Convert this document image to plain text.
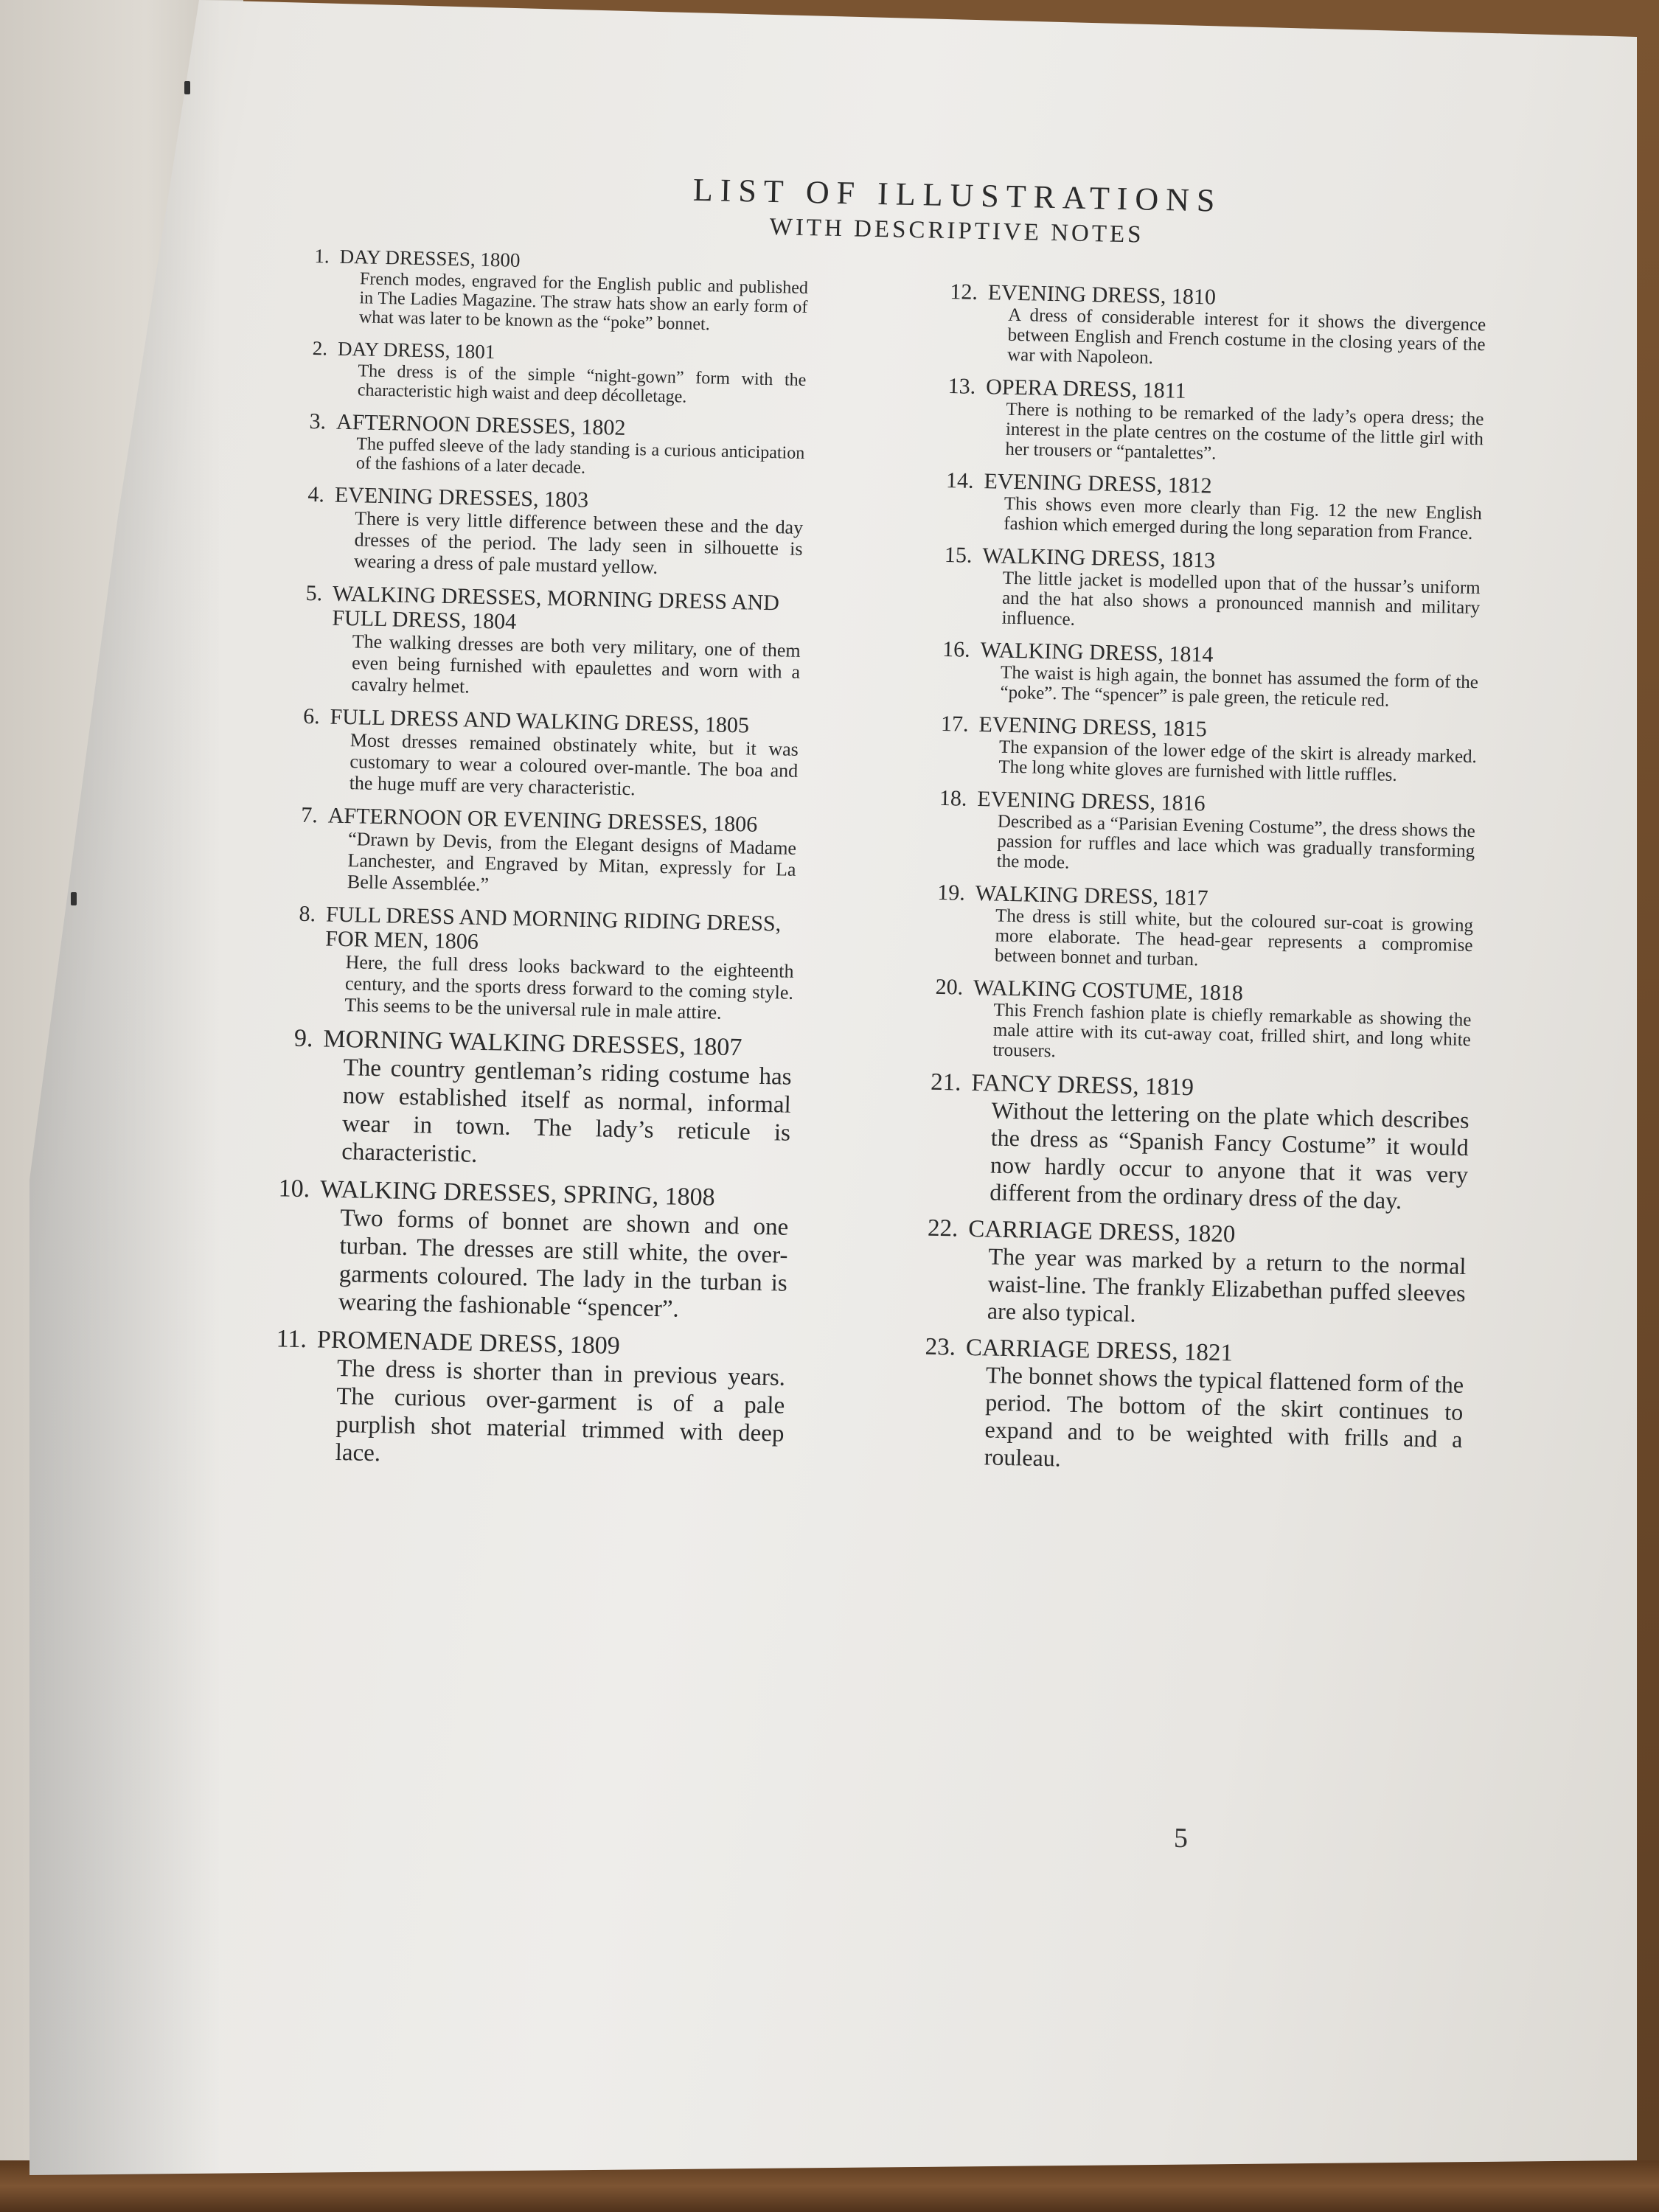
LIST OF ILLUSTRATIONS
WITH DESCRIPTIVE NOTES
1. DAY DRESSES, 1800
French modes, engraved for the English public and published in The Ladies Magazine. The straw hats show an early form of what was later to be known as the “poke” bonnet.
2. DAY DRESS, 1801
The dress is of the simple “night-gown” form with the characteristic high waist and deep décolletage.
3. AFTERNOON DRESSES, 1802
The puffed sleeve of the lady standing is a curious anticipation of the fashions of a later decade.
4. EVENING DRESSES, 1803
There is very little difference between these and the day dresses of the period. The lady seen in silhouette is wearing a dress of pale mustard yellow.
5. WALKING DRESSES, MORNING DRESS AND FULL DRESS, 1804
The walking dresses are both very military, one of them even being furnished with epaulettes and worn with a cavalry helmet.
6. FULL DRESS AND WALKING DRESS, 1805
Most dresses remained obstinately white, but it was customary to wear a coloured over-mantle. The boa and the huge muff are very characteristic.
7. AFTERNOON OR EVENING DRESSES, 1806
“Drawn by Devis, from the Elegant designs of Madame Lanchester, and Engraved by Mitan, expressly for La Belle Assemblée.”
8. FULL DRESS AND MORNING RIDING DRESS, FOR MEN, 1806
Here, the full dress looks backward to the eighteenth century, and the sports dress forward to the coming style. This seems to be the universal rule in male attire.
9. MORNING WALKING DRESSES, 1807
The country gentleman’s riding costume has now established itself as normal, informal wear in town. The lady’s reticule is characteristic.
10. WALKING DRESSES, SPRING, 1808
Two forms of bonnet are shown and one turban. The dresses are still white, the over-garments coloured. The lady in the turban is wearing the fashionable “spencer”.
11. PROMENADE DRESS, 1809
The dress is shorter than in previous years. The curious over-garment is of a pale purplish shot material trimmed with deep lace.
12. EVENING DRESS, 1810
A dress of considerable interest for it shows the divergence between English and French costume in the closing years of the war with Napoleon.
13. OPERA DRESS, 1811
There is nothing to be remarked of the lady’s opera dress; the interest in the plate centres on the costume of the little girl with her trousers or “pantalettes”.
14. EVENING DRESS, 1812
This shows even more clearly than Fig. 12 the new English fashion which emerged during the long separation from France.
15. WALKING DRESS, 1813
The little jacket is modelled upon that of the hussar’s uniform and the hat also shows a pronounced mannish and military influence.
16. WALKING DRESS, 1814
The waist is high again, the bonnet has assumed the form of the “poke”. The “spencer” is pale green, the reticule red.
17. EVENING DRESS, 1815
The expansion of the lower edge of the skirt is already marked. The long white gloves are furnished with little ruffles.
18. EVENING DRESS, 1816
Described as a “Parisian Evening Costume”, the dress shows the passion for ruffles and lace which was gradually transforming the mode.
19. WALKING DRESS, 1817
The dress is still white, but the coloured sur-coat is growing more elaborate. The head-gear represents a compromise between bonnet and turban.
20. WALKING COSTUME, 1818
This French fashion plate is chiefly remarkable as showing the male attire with its cut-away coat, frilled shirt, and long white trousers.
21. FANCY DRESS, 1819
Without the lettering on the plate which describes the dress as “Spanish Fancy Costume” it would now hardly occur to anyone that it was very different from the ordinary dress of the day.
22. CARRIAGE DRESS, 1820
The year was marked by a return to the normal waist-line. The frankly Elizabethan puffed sleeves are also typical.
23. CARRIAGE DRESS, 1821
The bonnet shows the typical flattened form of the period. The bottom of the skirt continues to expand and to be weighted with frills and a rouleau.
5
